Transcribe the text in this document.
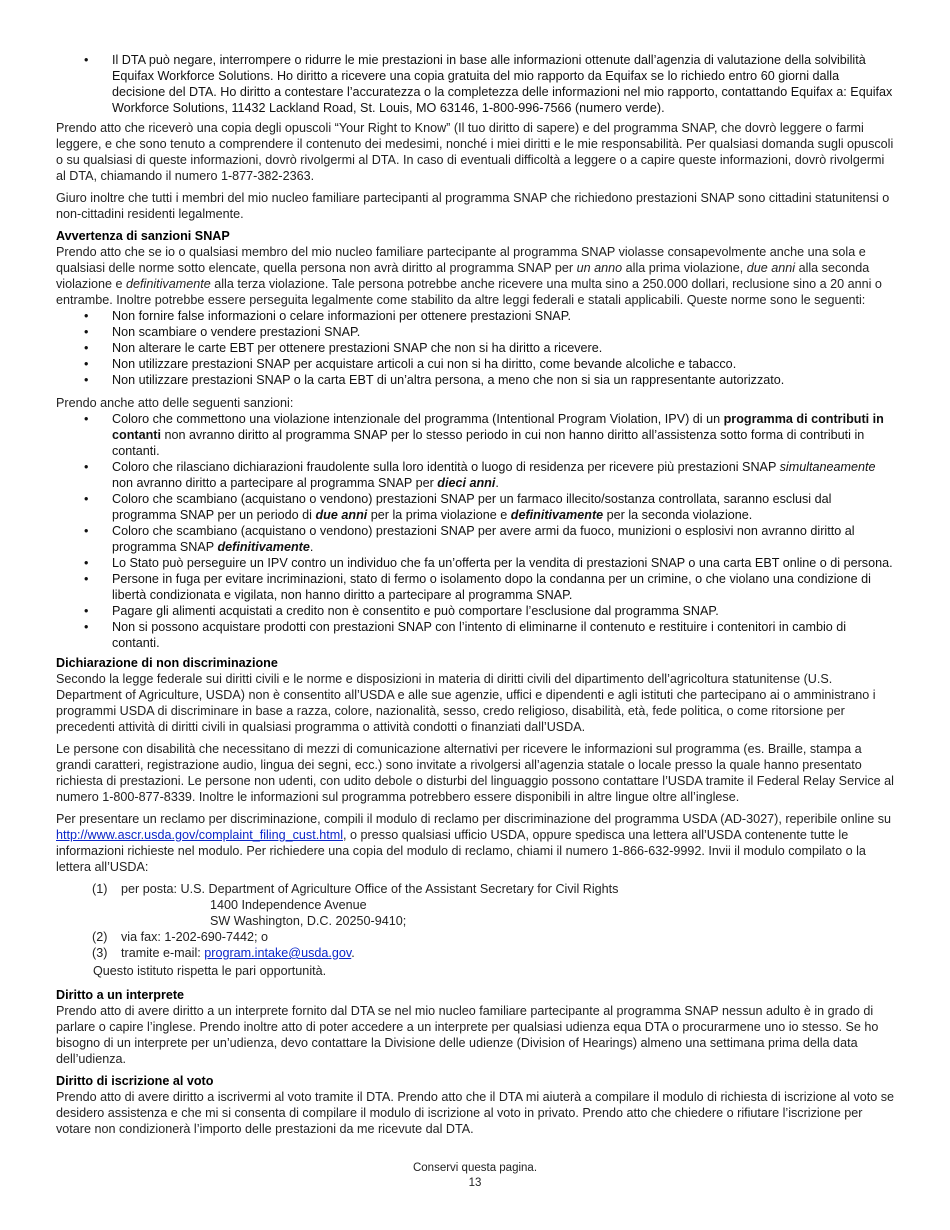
• Il DTA può negare, interrompere o ridurre le mie prestazioni in base alle informazioni ottenute dall’agenzia di valutazione della solvibilità Equifax Workforce Solutions. Ho diritto a ricevere una copia gratuita del mio rapporto da Equifax se lo richiedo entro 60 giorni dalla decisione del DTA. Ho diritto a contestare l’accuratezza o la completezza delle informazioni nel mio rapporto, contattando Equifax a: Equifax Workforce Solutions, 11432 Lackland Road, St. Louis, MO 63146, 1-800-996-7566 (numero verde).

Prendo atto che riceverò una copia degli opuscoli “Your Right to Know” (Il tuo diritto di sapere) e del programma SNAP, che dovrò leggere o farmi leggere, e che sono tenuto a comprendere il contenuto dei medesimi, nonché i miei diritti e le mie responsabilità. Per qualsiasi domanda sugli opuscoli o su qualsiasi di queste informazioni, dovrò rivolgermi al DTA. In caso di eventuali difficoltà a leggere o a capire queste informazioni, dovrò rivolgermi al DTA, chiamando il numero 1-877-382-2363.

Giuro inoltre che tutti i membri del mio nucleo familiare partecipanti al programma SNAP che richiedono prestazioni SNAP sono cittadini statunitensi o non-cittadini residenti legalmente.

Avvertenza di sanzioni SNAP

Prendo atto che se io o qualsiasi membro del mio nucleo familiare partecipante al programma SNAP violasse consapevolmente anche una sola e qualsiasi delle norme sotto elencate, quella persona non avrà diritto al programma SNAP per un anno alla prima violazione, due anni alla seconda violazione e definitivamente alla terza violazione. Tale persona potrebbe anche ricevere una multa sino a 250.000 dollari, reclusione sino a 20 anni o entrambe. Inoltre potrebbe essere perseguita legalmente come stabilito da altre leggi federali e statali applicabili. Queste norme sono le seguenti:

• Non fornire false informazioni o celare informazioni per ottenere prestazioni SNAP.
• Non scambiare o vendere prestazioni SNAP.
• Non alterare le carte EBT per ottenere prestazioni SNAP che non si ha diritto a ricevere.
• Non utilizzare prestazioni SNAP per acquistare articoli a cui non si ha diritto, come bevande alcoliche e tabacco.
• Non utilizzare prestazioni SNAP o la carta EBT di un’altra persona, a meno che non si sia un rappresentante autorizzato.

Prendo anche atto delle seguenti sanzioni:

• Coloro che commettono una violazione intenzionale del programma (Intentional Program Violation, IPV) di un programma di contributi in contanti non avranno diritto al programma SNAP per lo stesso periodo in cui non hanno diritto all’assistenza sotto forma di contributi in contanti.
• Coloro che rilasciano dichiarazioni fraudolente sulla loro identità o luogo di residenza per ricevere più prestazioni SNAP simultaneamente non avranno diritto a partecipare al programma SNAP per dieci anni.
• Coloro che scambiano (acquistano o vendono) prestazioni SNAP per un farmaco illecito/sostanza controllata, saranno esclusi dal programma SNAP per un periodo di due anni per la prima violazione e definitivamente per la seconda violazione.
• Coloro che scambiano (acquistano o vendono) prestazioni SNAP per avere armi da fuoco, munizioni o esplosivi non avranno diritto al programma SNAP definitivamente.
• Lo Stato può perseguire un IPV contro un individuo che fa un’offerta per la vendita di prestazioni SNAP o una carta EBT online o di persona.
• Persone in fuga per evitare incriminazioni, stato di fermo o isolamento dopo la condanna per un crimine, o che violano una condizione di libertà condizionata e vigilata, non hanno diritto a partecipare al programma SNAP.
• Pagare gli alimenti acquistati a credito non è consentito e può comportare l’esclusione dal programma SNAP.
• Non si possono acquistare prodotti con prestazioni SNAP con l’intento di eliminarne il contenuto e restituire i contenitori in cambio di contanti.

Dichiarazione di non discriminazione

Secondo la legge federale sui diritti civili e le norme e disposizioni in materia di diritti civili del dipartimento dell’agricoltura statunitense (U.S. Department of Agriculture, USDA) non è consentito all’USDA e alle sue agenzie, uffici e dipendenti e agli istituti che partecipano ai o amministrano i programmi USDA di discriminare in base a razza, colore, nazionalità, sesso, credo religioso, disabilità, età, fede politica, o come ritorsione per precedenti attività di diritti civili in qualsiasi programma o attività condotti o finanziati dall’USDA.

Le persone con disabilità che necessitano di mezzi di comunicazione alternativi per ricevere le informazioni sul programma (es. Braille, stampa a grandi caratteri, registrazione audio, lingua dei segni, ecc.) sono invitate a rivolgersi all’agenzia statale o locale presso la quale hanno presentato richiesta di prestazioni. Le persone non udenti, con udito debole o disturbi del linguaggio possono contattare l’USDA tramite il Federal Relay Service al numero 1-800-877-8339. Inoltre le informazioni sul programma potrebbero essere disponibili in altre lingue oltre all’inglese.

Per presentare un reclamo per discriminazione, compili il modulo di reclamo per discriminazione del programma USDA (AD-3027), reperibile online su http://www.ascr.usda.gov/complaint_filing_cust.html, o presso qualsiasi ufficio USDA, oppure spedisca una lettera all’USDA contenente tutte le informazioni richieste nel modulo. Per richiedere una copia del modulo di reclamo, chiami il numero 1-866-632-9992. Invii il modulo compilato o la lettera all’USDA:

(1)	per posta: U.S. Department of Agriculture Office of the Assistant Secretary for Civil Rights
1400 Independence Avenue
SW Washington, D.C. 20250-9410;
(2)	via fax: 1-202-690-7442; o
(3)	tramite e-mail: program.intake@usda.gov.

Questo istituto rispetta le pari opportunità.

Diritto a un interprete

Prendo atto di avere diritto a un interprete fornito dal DTA se nel mio nucleo familiare partecipante al programma SNAP nessun adulto è in grado di parlare o capire l’inglese. Prendo inoltre atto di poter accedere a un interprete per qualsiasi udienza equa DTA o procurarmene uno io stesso. Se ho bisogno di un interprete per un’udienza, devo contattare la Divisione delle udienze (Division of Hearings) almeno una settimana prima della data dell’udienza.

Diritto di iscrizione al voto

Prendo atto di avere diritto a iscrivermi al voto tramite il DTA. Prendo atto che il DTA mi aiuterà a compilare il modulo di richiesta di iscrizione al voto se desidero assistenza e che mi si consenta di compilare il modulo di iscrizione al voto in privato. Prendo atto che chiedere o rifiutare l’iscrizione per votare non condizionerà l’importo delle prestazioni da me ricevute dal DTA.

Conservi questa pagina.
13
